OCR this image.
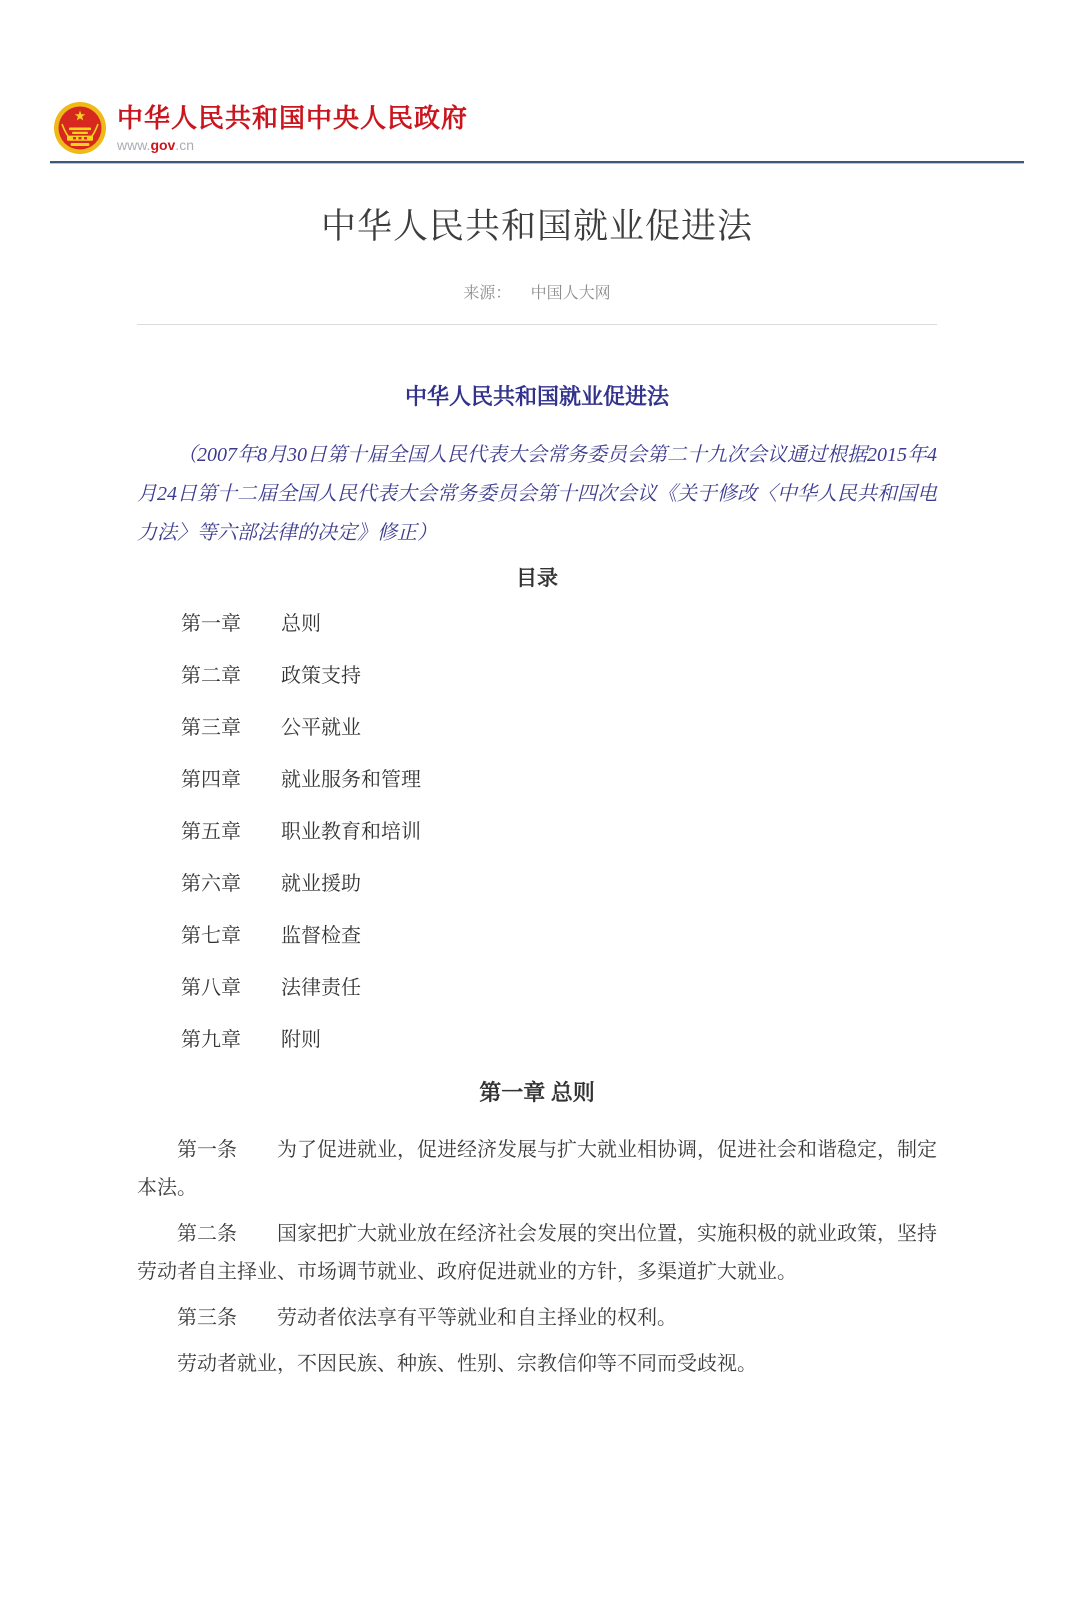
中华人民共和国中央人民政府
www.gov.cn
中华人民共和国就业促进法
来源： 中国人大网
中华人民共和国就业促进法

（2007年8月30日第十届全国人民代表大会常务委员会第二十九次会议通过根据2015年4月24日第十二届全国人民代表大会常务委员会第十四次会议《关于修改〈中华人民共和国电力法〉等六部法律的决定》修正）

目录
第一章 总则
第二章 政策支持
第三章 公平就业
第四章 就业服务和管理
第五章 职业教育和培训
第六章 就业援助
第七章 监督检查
第八章 法律责任
第九章 附则
第一章 总则

第一条　　为了促进就业，促进经济发展与扩大就业相协调，促进社会和谐稳定，制定本法。

第二条　　国家把扩大就业放在经济社会发展的突出位置，实施积极的就业政策，坚持劳动者自主择业、市场调节就业、政府促进就业的方针，多渠道扩大就业。

第三条　　劳动者依法享有平等就业和自主择业的权利。

劳动者就业，不因民族、种族、性别、宗教信仰等不同而受歧视。
